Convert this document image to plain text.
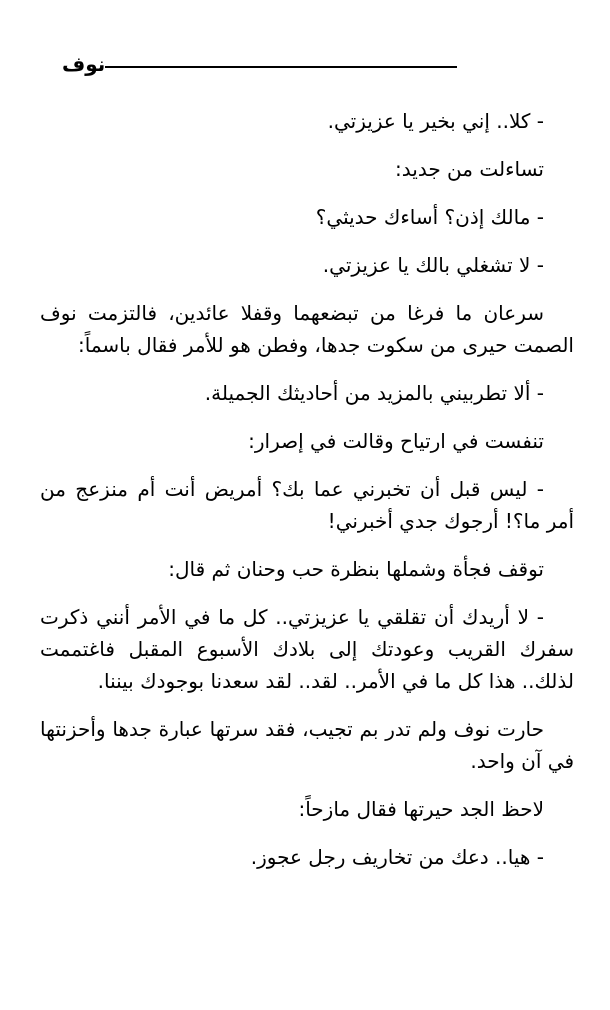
نوف

- كلا.. إني بخير يا عزيزتي.

تساءلت من جديد:

- مالك إذن؟ أساءك حديثي؟

- لا تشغلي بالك يا عزيزتي.

سرعان ما فرغا من تبضعهما وقفلا عائدين، فالتزمت نوف الصمت حيرى من سكوت جدها، وفطن هو للأمر فقال باسماً:

- ألا تطربيني بالمزيد من أحاديثك الجميلة.

تنفست في ارتياح وقالت في إصرار:

- ليس قبل أن تخبرني عما بك؟ أمريض أنت أم منزعج من أمر ما؟! أرجوك جدي أخبرني!

توقف فجأة وشملها بنظرة حب وحنان ثم قال:

- لا أريدك أن تقلقي يا عزيزتي.. كل ما في الأمر أنني ذكرت سفرك القريب وعودتك إلى بلادك الأسبوع المقبل فاغتممت لذلك.. هذا كل ما في الأمر.. لقد.. لقد سعدنا بوجودك بيننا.

حارت نوف ولم تدر بم تجيب، فقد سرتها عبارة جدها وأحزنتها في آن واحد.

لاحظ الجد حيرتها فقال مازحاً:

- هيا.. دعك من تخاريف رجل عجوز.
